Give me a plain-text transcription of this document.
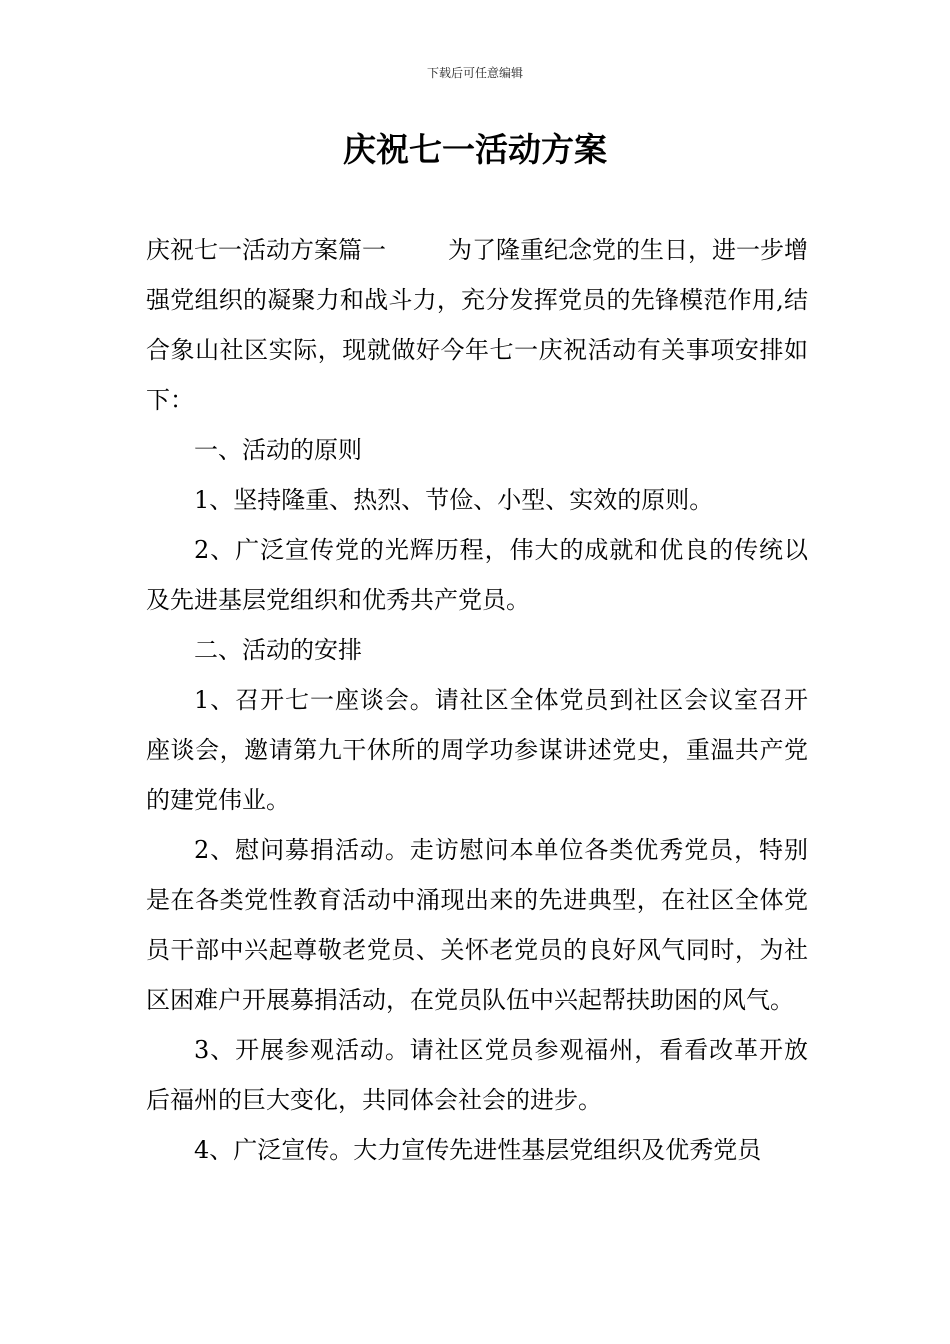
下载后可任意编辑
庆祝七一活动方案

庆祝七一活动方案篇一	为了隆重纪念党的生日，进一步增强党组织的凝聚力和战斗力，充分发挥党员的先锋模范作用,结合象山社区实际，现就做好今年七一庆祝活动有关事项安排如下：

一、活动的原则

1、坚持隆重、热烈、节俭、小型、实效的原则。

2、广泛宣传党的光辉历程，伟大的成就和优良的传统以及先进基层党组织和优秀共产党员。

二、活动的安排

1、召开七一座谈会。请社区全体党员到社区会议室召开座谈会，邀请第九干休所的周学功参谋讲述党史，重温共产党的建党伟业。

2、慰问募捐活动。走访慰问本单位各类优秀党员，特别是在各类党性教育活动中涌现出来的先进典型，在社区全体党员干部中兴起尊敬老党员、关怀老党员的良好风气同时，为社区困难户开展募捐活动，在党员队伍中兴起帮扶助困的风气。

3、开展参观活动。请社区党员参观福州，看看改革开放后福州的巨大变化，共同体会社会的进步。

4、广泛宣传。大力宣传先进性基层党组织及优秀党员
